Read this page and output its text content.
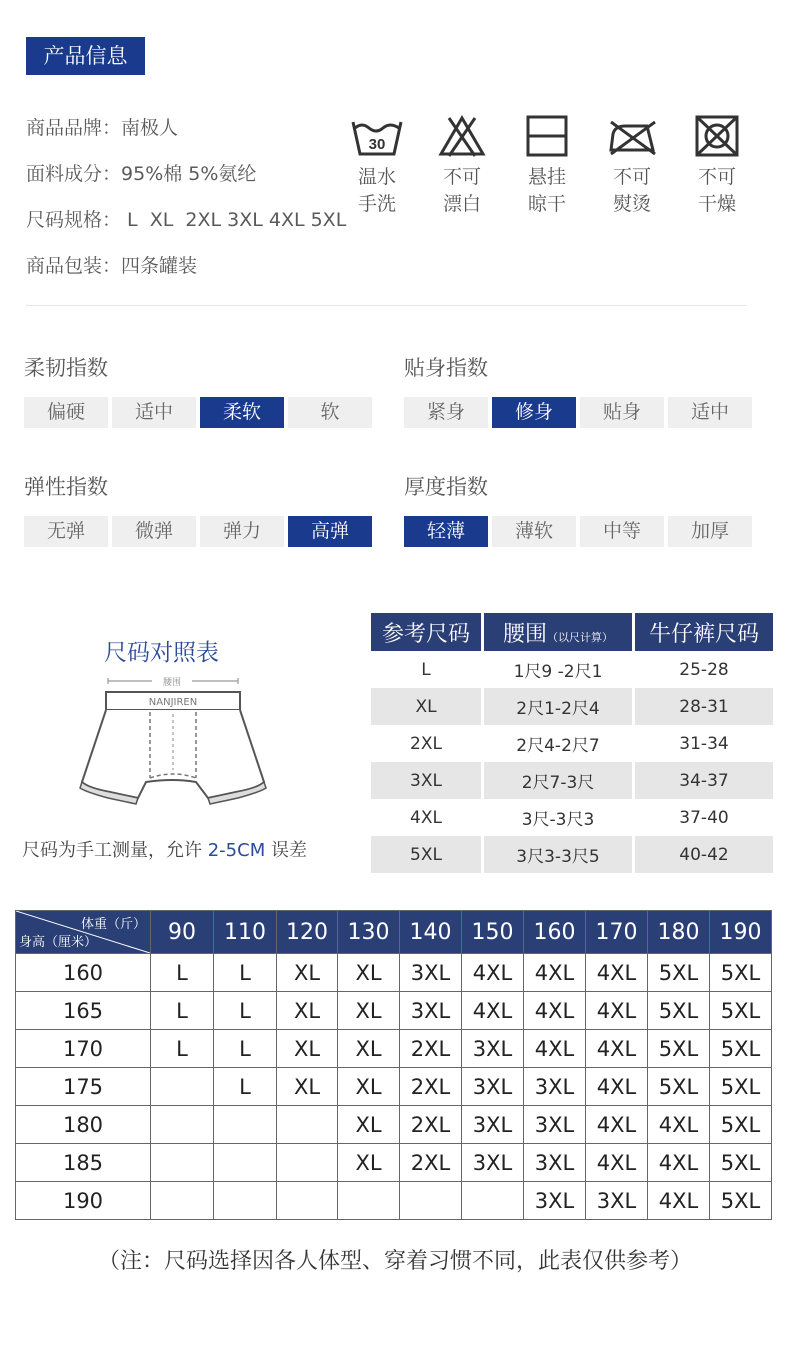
产品信息
商品品牌：南极人
面料成分：95%棉 5%氨纶
尺码规格： L  XL  2XL 3XL 4XL 5XL
商品包装：四条罐装
30
温水
手洗
不可
漂白
悬挂
晾干
不可
熨烫
不可
干燥
柔韧指数
偏硬	适中	柔软	软
贴身指数
紧身	修身	贴身	适中
弹性指数
无弹	微弹	弹力	高弹
厚度指数
轻薄	薄软	中等	加厚
尺码对照表
腰围
NANJIREN
尺码为手工测量，允许 2-5CM 误差
参考尺码	腰围（以尺计算）	牛仔裤尺码
L	1尺9 -2尺1	25-28
XL	2尺1-2尺4	28-31
2XL	2尺4-2尺7	31-34
3XL	2尺7-3尺	34-37
4XL	3尺-3尺3	37-40
5XL	3尺3-3尺5	40-42
体重（斤）
身高（厘米）	90	110	120	130	140	150	160	170	180	190
160	L	L	XL	XL	3XL	4XL	4XL	4XL	5XL	5XL
165	L	L	XL	XL	3XL	4XL	4XL	4XL	5XL	5XL
170	L	L	XL	XL	2XL	3XL	4XL	4XL	5XL	5XL
175		L	XL	XL	2XL	3XL	3XL	4XL	5XL	5XL
180				XL	2XL	3XL	3XL	4XL	4XL	5XL
185				XL	2XL	3XL	3XL	4XL	4XL	5XL
190							3XL	3XL	4XL	5XL
（注：尺码选择因各人体型、穿着习惯不同，此表仅供参考）
